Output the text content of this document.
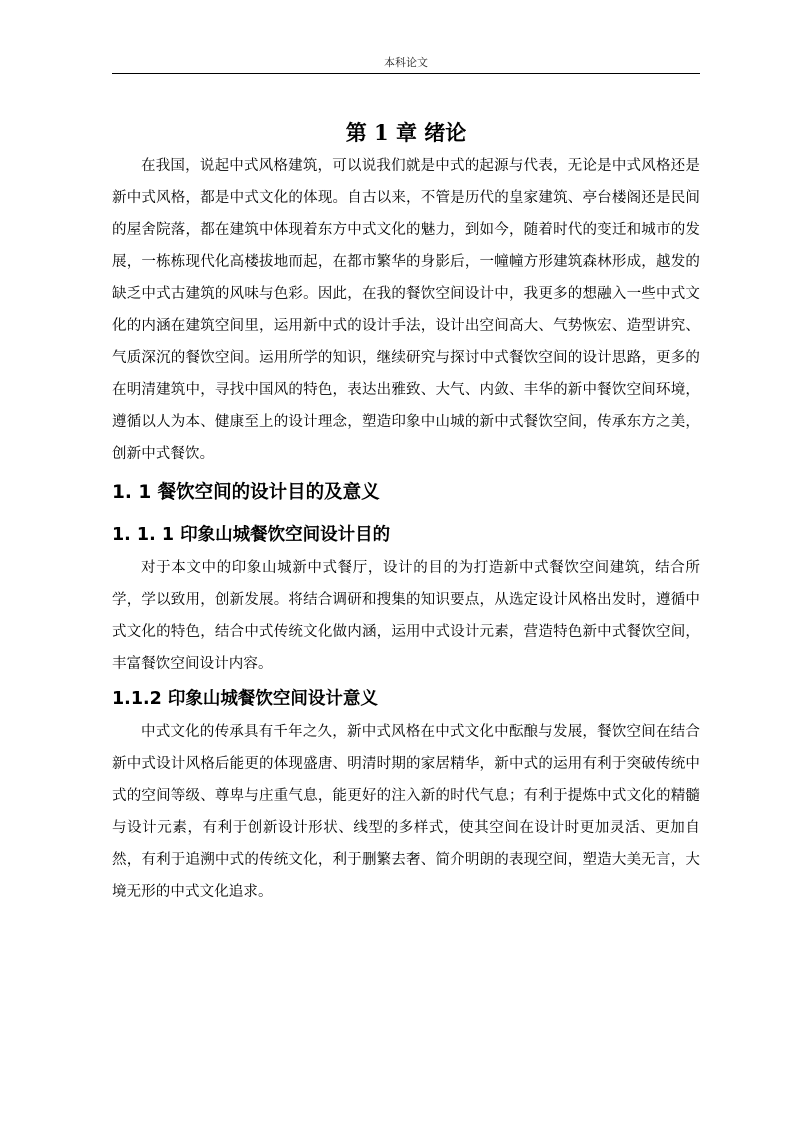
本科论文
第 1 章 绪论

在我国，说起中式风格建筑，可以说我们就是中式的起源与代表，无论是中式风格还是新中式风格，都是中式文化的体现。自古以来，不管是历代的皇家建筑、亭台楼阁还是民间的屋舍院落，都在建筑中体现着东方中式文化的魅力，到如今，随着时代的变迁和城市的发展，一栋栋现代化高楼拔地而起，在都市繁华的身影后，一幢幢方形建筑森林形成，越发的缺乏中式古建筑的风味与色彩。因此，在我的餐饮空间设计中，我更多的想融入一些中式文化的内涵在建筑空间里，运用新中式的设计手法，设计出空间高大、气势恢宏、造型讲究、气质深沉的餐饮空间。运用所学的知识，继续研究与探讨中式餐饮空间的设计思路，更多的在明清建筑中，寻找中国风的特色，表达出雅致、大气、内敛、丰华的新中餐饮空间环境，遵循以人为本、健康至上的设计理念，塑造印象中山城的新中式餐饮空间，传承东方之美，创新中式餐饮。

1. 1 餐饮空间的设计目的及意义
1. 1. 1 印象山城餐饮空间设计目的

对于本文中的印象山城新中式餐厅，设计的目的为打造新中式餐饮空间建筑，结合所学，学以致用，创新发展。将结合调研和搜集的知识要点，从选定设计风格出发时，遵循中式文化的特色，结合中式传统文化做内涵，运用中式设计元素，营造特色新中式餐饮空间，丰富餐饮空间设计内容。

1.1.2 印象山城餐饮空间设计意义

中式文化的传承具有千年之久，新中式风格在中式文化中酝酿与发展，餐饮空间在结合新中式设计风格后能更的体现盛唐、明清时期的家居精华，新中式的运用有利于突破传统中式的空间等级、尊卑与庄重气息，能更好的注入新的时代气息；有利于提炼中式文化的精髓与设计元素，有利于创新设计形状、线型的多样式，使其空间在设计时更加灵活、更加自然，有利于追溯中式的传统文化，利于删繁去奢、简介明朗的表现空间，塑造大美无言，大境无形的中式文化追求。
